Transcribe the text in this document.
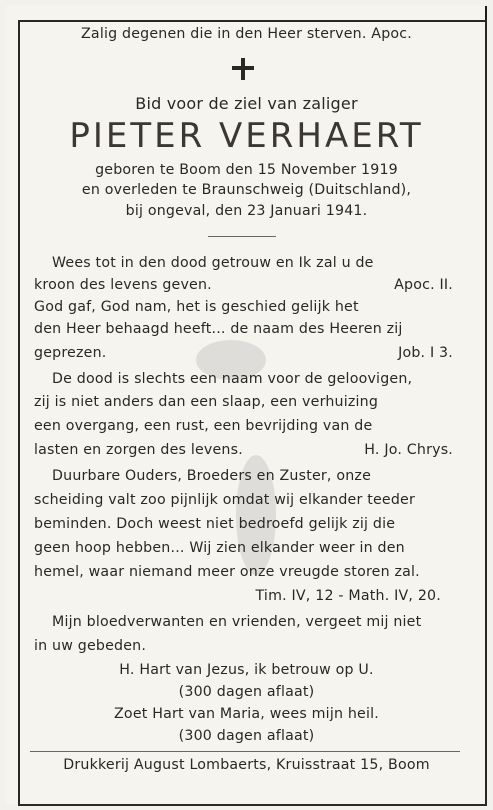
Zalig degenen die in den Heer sterven. Apoc.
Bid voor de ziel van zaliger
PIETER VERHAERT
geboren te Boom den 15 November 1919
en overleden te Braunschweig (Duitschland),
bij ongeval, den 23 Januari 1941.
Wees tot in den dood getrouw en Ik zal u de
kroon des levens geven.	Apoc. II.
God gaf, God nam, het is geschied gelijk het
den Heer behaagd heeft... de naam des Heeren zij
geprezen.	Job. I 3.
De dood is slechts een naam voor de geloovigen,
zij is niet anders dan een slaap, een verhuizing
een overgang, een rust, een bevrijding van de
lasten en zorgen des levens.	H. Jo. Chrys.
Duurbare Ouders, Broeders en Zuster, onze
scheiding valt zoo pijnlijk omdat wij elkander teeder
beminden. Doch weest niet bedroefd gelijk zij die
geen hoop hebben... Wij zien elkander weer in den
hemel, waar niemand meer onze vreugde storen zal.
Tim. IV, 12 - Math. IV, 20.
Mijn bloedverwanten en vrienden, vergeet mij niet
in uw gebeden.
H. Hart van Jezus, ik betrouw op U.
(300 dagen aflaat)
Zoet Hart van Maria, wees mijn heil.
(300 dagen aflaat)
Drukkerij August Lombaerts, Kruisstraat 15, Boom
